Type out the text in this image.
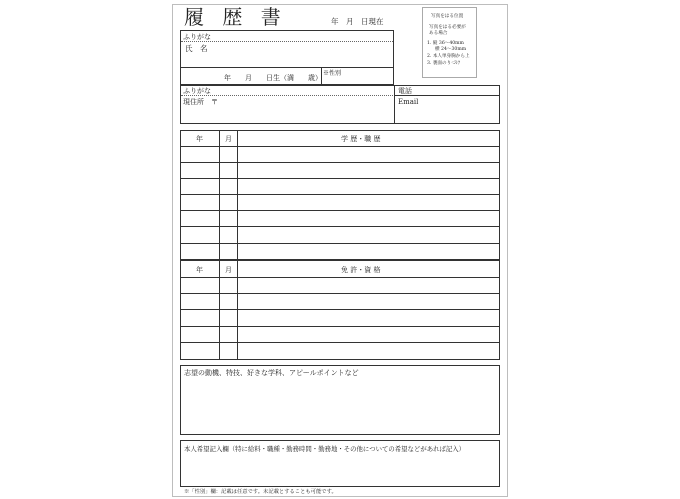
履 歴 書	年　月　日現在
写真をはる位置
写真をはる必要が
ある場合
1. 縦 36〜40mm
横 24〜30mm
2. 本人単身胸から上
3. 裏面のりづけ
ふりがな
氏　名
年　　月　　日生（満　　歳）
※性別
ふりがな
現住所　〒
電話
Email
年	月	学 歴・職 歴
年	月	免 許・資 格
志望の動機、特技、好きな学科、アピールポイントなど
本人希望記入欄（特に給料・職種・勤務時間・勤務地・その他についての希望などがあれば記入）
※「性別」欄：記載は任意です。未記載とすることも可能です。
